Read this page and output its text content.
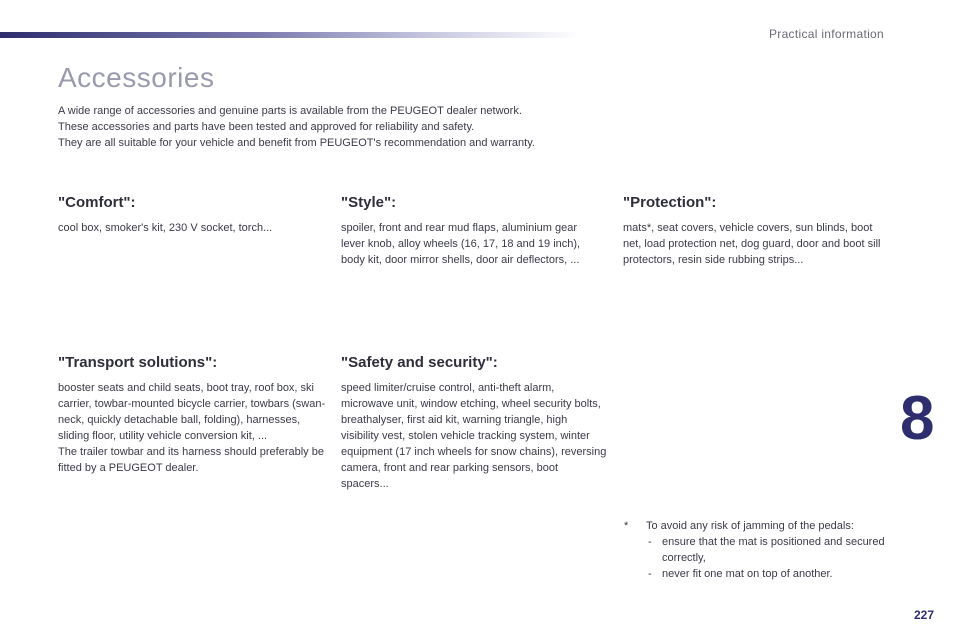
Practical information
Accessories

A wide range of accessories and genuine parts is available from the PEUGEOT dealer network.

These accessories and parts have been tested and approved for reliability and safety.

They are all suitable for your vehicle and benefit from PEUGEOT's recommendation and warranty.

"Comfort":

cool box, smoker's kit, 230 V socket, torch...

"Style":

spoiler, front and rear mud flaps, aluminium gear lever knob, alloy wheels (16, 17, 18 and 19 inch), body kit, door mirror shells, door air deflectors, ...

"Protection":

mats*, seat covers, vehicle covers, sun blinds, boot net, load protection net, dog guard, door and boot sill protectors, resin side rubbing strips...

"Transport solutions":

booster seats and child seats, boot tray, roof box, ski carrier, towbar-mounted bicycle carrier, towbars (swan-neck, quickly detachable ball, folding), harnesses, sliding floor, utility vehicle conversion kit, ...

The trailer towbar and its harness should preferably be fitted by a PEUGEOT dealer.

"Safety and security":

speed limiter/cruise control, anti-theft alarm, microwave unit, window etching, wheel security bolts, breathalyser, first aid kit, warning triangle, high visibility vest, stolen vehicle tracking system, winter equipment (17 inch wheels for snow chains), reversing camera, front and rear parking sensors, boot spacers...

8
* To avoid any risk of jamming of the pedals:
- ensure that the mat is positioned and secured correctly,
- never fit one mat on top of another.
227
